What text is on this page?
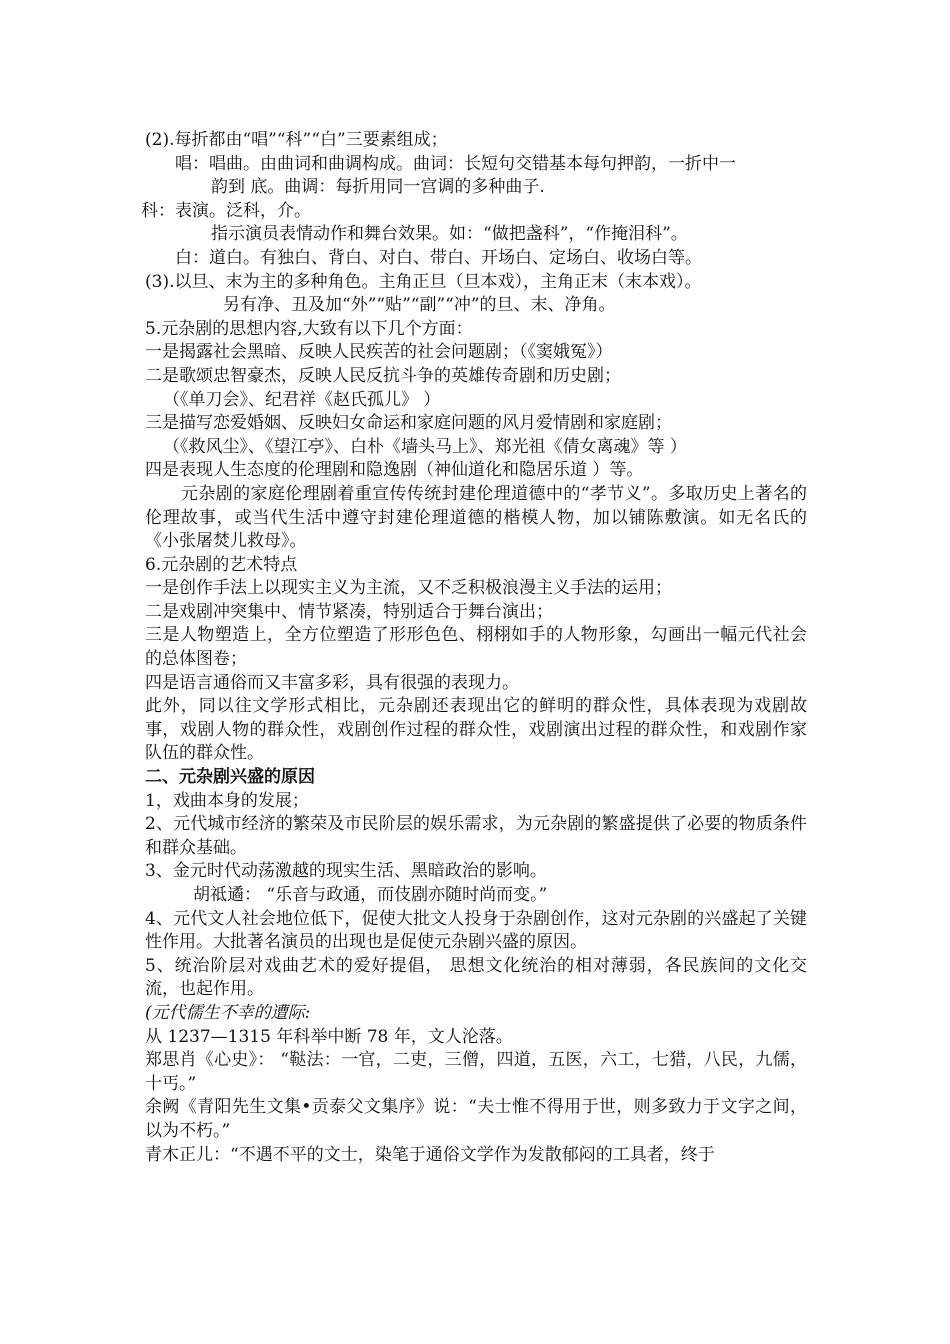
(2).每折都由“唱”“科”“白”三要素组成；

唱：唱曲。由曲词和曲调构成。曲词：长短句交错基本每句押韵，一折中一

韵到 底。曲调：每折用同一宫调的多种曲子.

科：表演。泛科，介。

指示演员表情动作和舞台效果。如：“做把盏科”，“作掩泪科”。

白：道白。有独白、背白、对白、带白、开场白、定场白、收场白等。

(3).以旦、末为主的多种角色。主角正旦（旦本戏），主角正末（末本戏）。

另有净、丑及加“外”“贴”“副”“冲”的旦、末、净角。

5.元杂剧的思想内容,大致有以下几个方面：

一是揭露社会黑暗、反映人民疾苦的社会问题剧；（《窦娥冤》）

二是歌颂忠智豪杰，反映人民反抗斗争的英雄传奇剧和历史剧；

（《单刀会》、纪君祥《赵氏孤儿》 ）

三是描写恋爱婚姻、反映妇女命运和家庭问题的风月爱情剧和家庭剧；

（《救风尘》、《望江亭》、白朴《墙头马上》、郑光祖《倩女离魂》等 ）

四是表现人生态度的伦理剧和隐逸剧（神仙道化和隐居乐道 ）等。

元杂剧的家庭伦理剧着重宣传传统封建伦理道德中的“孝节义”。多取历史上著名的伦理故事，或当代生活中遵守封建伦理道德的楷模人物，加以铺陈敷演。如无名氏的《小张屠焚儿救母》。

6.元杂剧的艺术特点

一是创作手法上以现实主义为主流，又不乏积极浪漫主义手法的运用；

二是戏剧冲突集中、情节紧凑，特别适合于舞台演出；

三是人物塑造上，全方位塑造了形形色色、栩栩如手的人物形象，勾画出一幅元代社会的总体图卷；

四是语言通俗而又丰富多彩，具有很强的表现力。

此外，同以往文学形式相比，元杂剧还表现出它的鲜明的群众性，具体表现为戏剧故事，戏剧人物的群众性，戏剧创作过程的群众性，戏剧演出过程的群众性，和戏剧作家队伍的群众性。

二、元杂剧兴盛的原因

1，戏曲本身的发展；

2、元代城市经济的繁荣及市民阶层的娱乐需求，为元杂剧的繁盛提供了必要的物质条件和群众基础。

3、金元时代动荡激越的现实生活、黑暗政治的影响。

胡祗遹： “乐音与政通，而伎剧亦随时尚而变。”

4、元代文人社会地位低下，促使大批文人投身于杂剧创作，这对元杂剧的兴盛起了关键性作用。大批著名演员的出现也是促使元杂剧兴盛的原因。

5、统治阶层对戏曲艺术的爱好提倡， 思想文化统治的相对薄弱，各民族间的文化交流，也起作用。

(元代儒生不幸的遭际:

从 1237—1315 年科举中断 78 年，文人沦落。

郑思肖《心史》： “鞑法：一官，二吏，三僧，四道，五医，六工，七猎，八民，九儒，十丐。”

余阙《青阳先生文集•贡泰父文集序》说：“夫士惟不得用于世，则多致力于文字之间，以为不朽。”

青木正儿：“不遇不平的文士，染笔于通俗文学作为发散郁闷的工具者，终于
